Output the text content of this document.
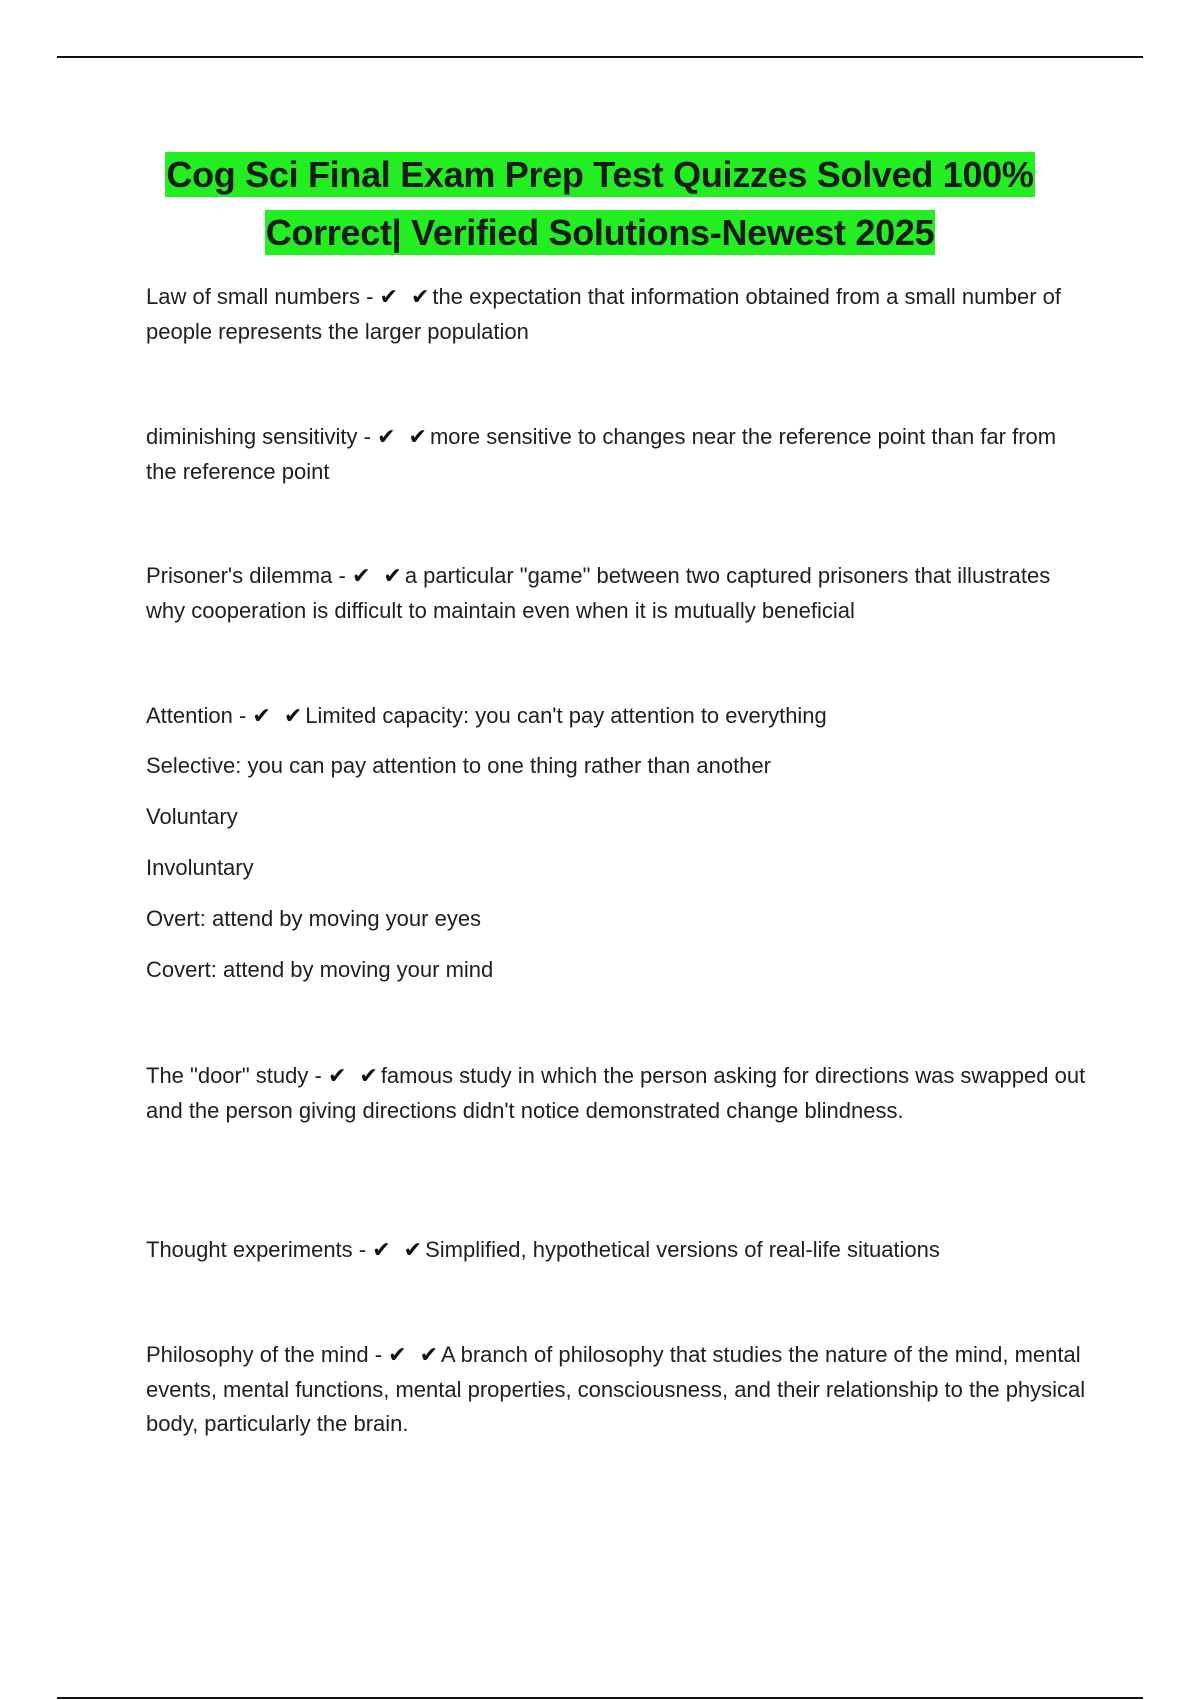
Cog Sci Final Exam Prep Test Quizzes Solved 100% Correct| Verified Solutions-Newest 2025

Law of small numbers - ✔ ✔the expectation that information obtained from a small number of people represents the larger population

diminishing sensitivity - ✔ ✔more sensitive to changes near the reference point than far from the reference point

Prisoner's dilemma - ✔ ✔a particular "game" between two captured prisoners that illustrates why cooperation is difficult to maintain even when it is mutually beneficial

Attention - ✔ ✔Limited capacity: you can't pay attention to everything

Selective: you can pay attention to one thing rather than another

Voluntary

Involuntary

Overt: attend by moving your eyes

Covert: attend by moving your mind

The "door" study - ✔ ✔famous study in which the person asking for directions was swapped out and the person giving directions didn't notice demonstrated change blindness.

Thought experiments - ✔ ✔Simplified, hypothetical versions of real-life situations

Philosophy of the mind - ✔ ✔A branch of philosophy that studies the nature of the mind, mental events, mental functions, mental properties, consciousness, and their relationship to the physical body, particularly the brain.
